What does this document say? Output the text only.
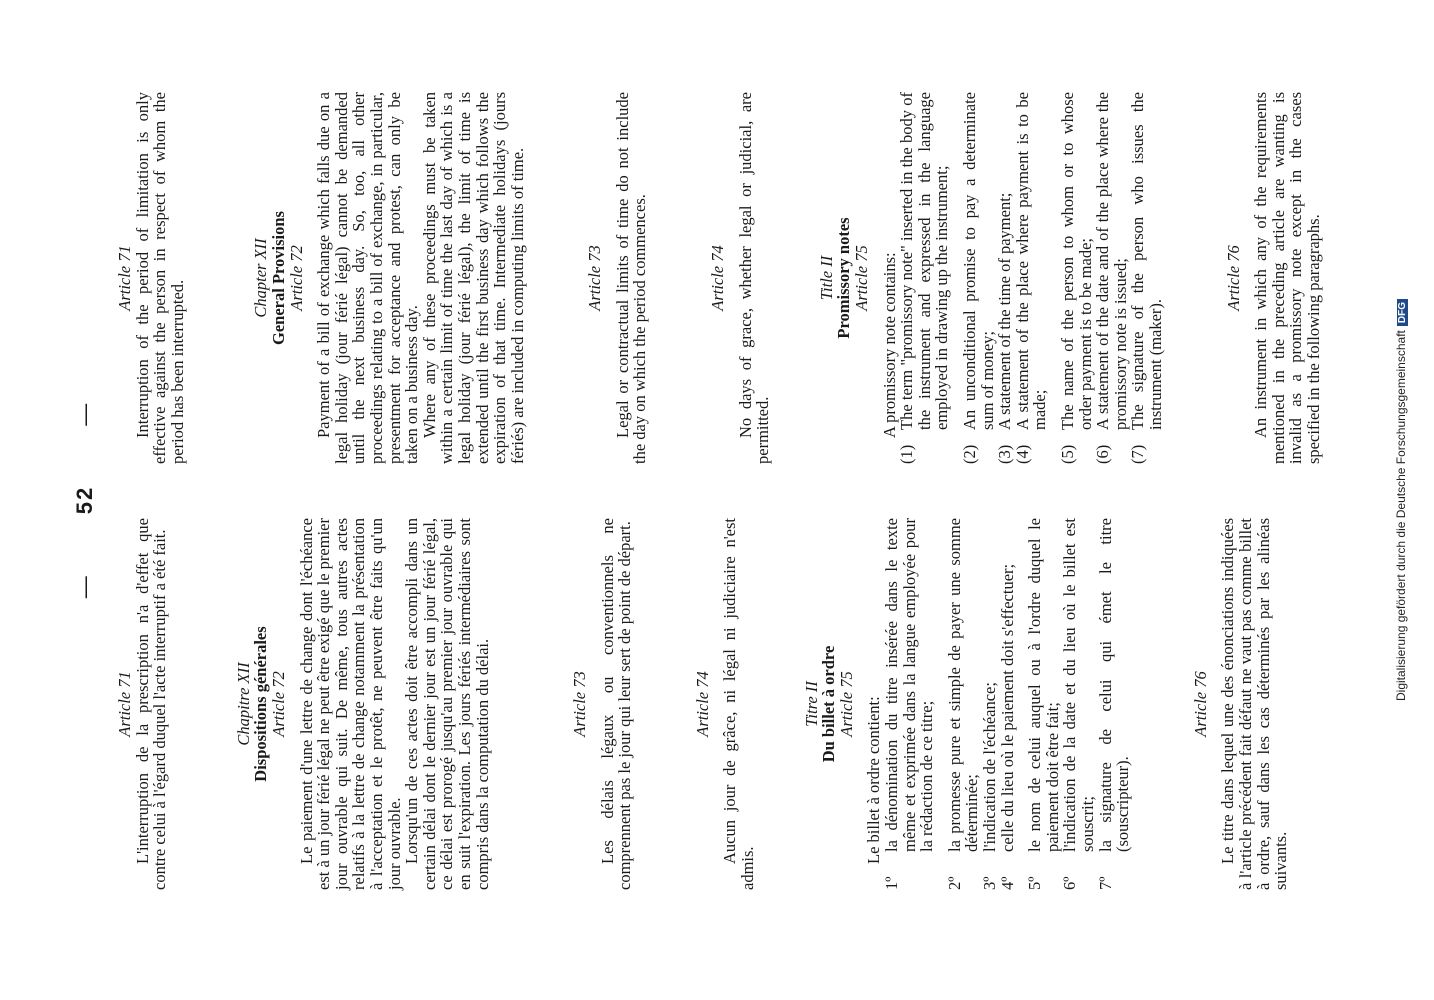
—52—

Article 71

L'interruption de la prescription n'a d'effet que contre celui à l'égard duquel l'acte interruptif a été fait.	Chapitre XII

Dispositions générales

Article 72 Le paiement d'une lettre de change dont l'échéance est à un jour férié légal ne peut être exigé que le premier jour ouvrable qui suit. De même, tous autres actes relatifs à la lettre de change notamment la présentation à l'acceptation et le protêt, ne peuvent être faits qu'un jour ouvrable.

Lorsqu'un de ces actes doit être accompli dans un certain délai dont le dernier jour est un jour férié légal, ce délai est prorogé jusqu'au premier jour ouvrable qui en suit l'expiration. Les jours fériés intermédiaires sont compris dans la computation du délai.	Article 73 Les délais légaux ou conventionnels ne comprennent pas le jour qui leur sert de point de départ.	Article 74 Aucun jour de grâce, ni légal ni judiciaire n'est admis.

Titre II

Du billet à ordre

Article 75 Le billet à ordre contient:

1º
la dénomination du titre insérée dans le texte même et exprimée dans la langue employée pour la rédaction de ce titre;
2º
la promesse pure et simple de payer une somme déterminée;
3º
l'indication de l'échéance;
4º
celle du lieu où le paiement doit s'effectuer;
5º
le nom de celui auquel ou à l'ordre duquel le paiement doit être fait;
6º
l'indication de la date et du lieu où le billet est souscrit;
7º
la signature de celui qui émet le titre (souscripteur).

Article 76 Le titre dans lequel une des énonciations indiquées à l'article précédent fait défaut ne vaut pas comme billet à ordre, sauf dans les cas déterminés par les alinéas suivants.

Article 71

Interruption of the period of limitation is only effective against the person in respect of whom the period has been interrupted.

Chapter XII

General Provisions

Article 72 Payment of a bill of exchange which falls due on a legal holiday (jour férié légal) cannot be demanded until the next business day. So, too, all other proceedings relating to a bill of exchange, in particular, presentment for acceptance and protest, can only be taken on a business day.

Where any of these proceedings must be taken within a certain limit of time the last day of which is a legal holiday (jour férié légal), the limit of time is extended until the first business day which follows the expiration of that time. Intermediate holidays (jours fériés) are included in computing limits of time.	Article 73 Legal or contractual limits of time do not include the day on which the period commences.	Article 74 No days of grace, whether legal or judicial, are permitted.

Title II

Promissory notes

Article 75 A promissory note contains:

(1)
The term "promissory note" inserted in the body of the instrument and expressed in the language employed in drawing up the instrument;
(2)
An unconditional promise to pay a determinate sum of money;
(3)
A statement of the time of payment;
(4)
A statement of the place where payment is to be made;
(5)
The name of the person to whom or to whose order payment is to be made;
(6)
A statement of the date and of the place where the promissory note is issued;
(7)
The signature of the person who issues the instrument (maker).

Article 76 An instrument in which any of the requirements mentioned in the preceding article are wanting is invalid as a promissory note except in the cases specified in the following paragraphs.	Digitalisierung gefördert durch die Deutsche ForschungsgemeinschaftDFG
